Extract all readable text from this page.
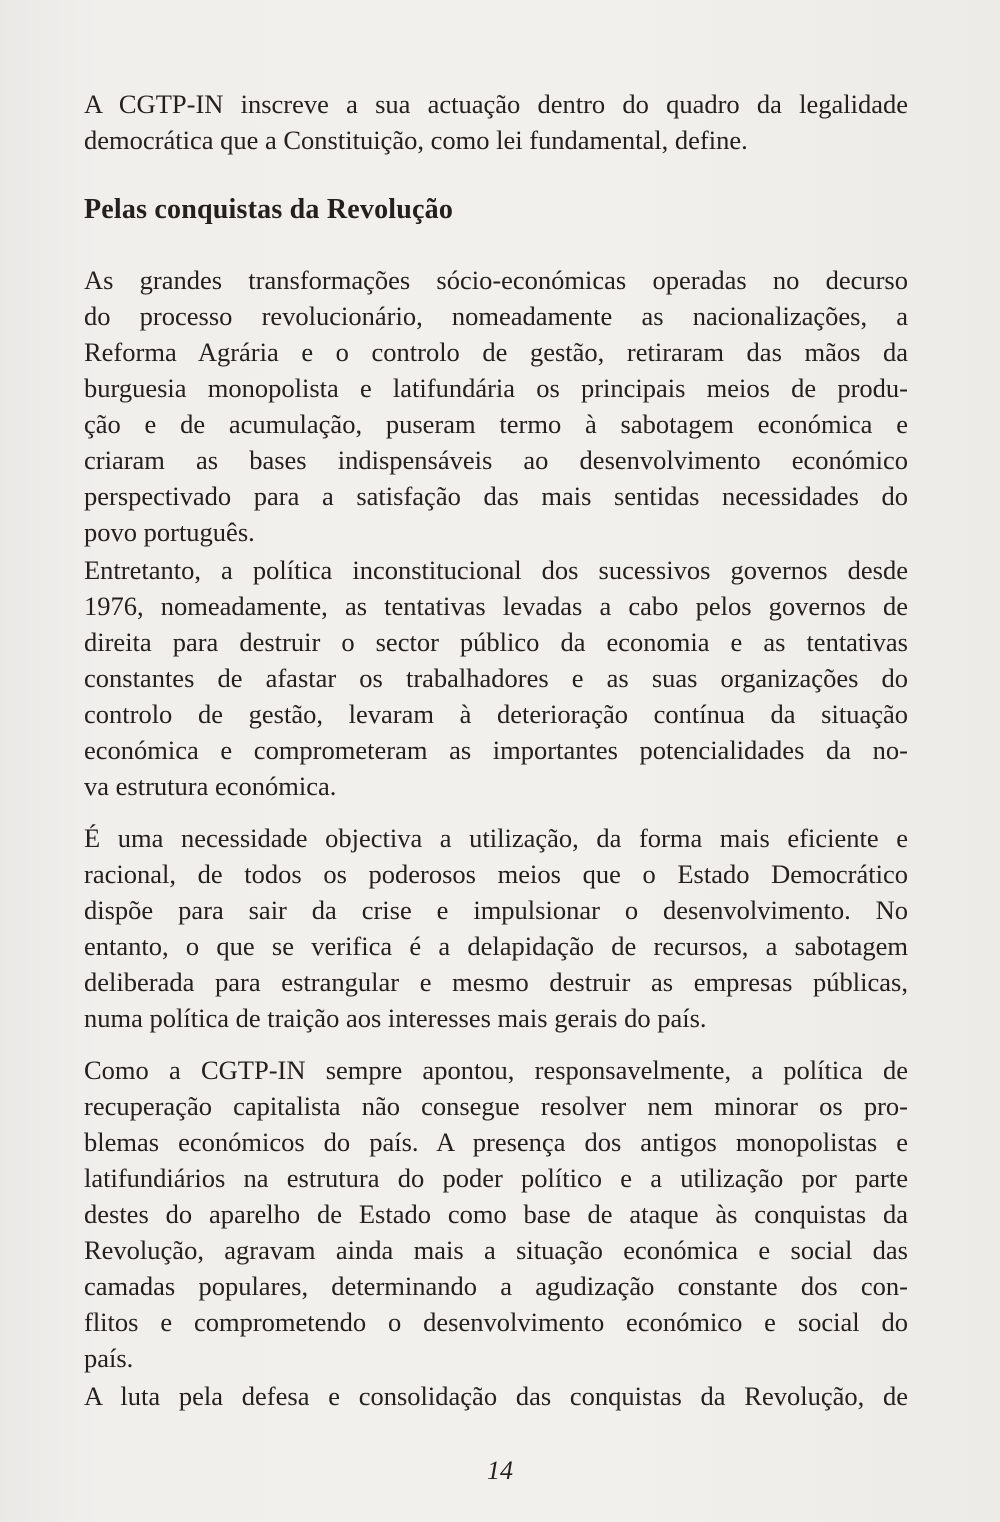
A CGTP-IN inscreve a sua actuação dentro do quadro da legalidade
democrática que a Constituição, como lei fundamental, define.
Pelas conquistas da Revolução
As grandes transformações sócio-económicas operadas no decurso
do processo revolucionário, nomeadamente as nacionalizações, a
Reforma Agrária e o controlo de gestão, retiraram das mãos da
burguesia monopolista e latifundária os principais meios de produ-
ção e de acumulação, puseram termo à sabotagem económica e
criaram as bases indispensáveis ao desenvolvimento económico
perspectivado para a satisfação das mais sentidas necessidades do
povo português.
Entretanto, a política inconstitucional dos sucessivos governos desde
1976, nomeadamente, as tentativas levadas a cabo pelos governos de
direita para destruir o sector público da economia e as tentativas
constantes de afastar os trabalhadores e as suas organizações do
controlo de gestão, levaram à deterioração contínua da situação
económica e comprometeram as importantes potencialidades da no-
va estrutura económica.
É uma necessidade objectiva a utilização, da forma mais eficiente e
racional, de todos os poderosos meios que o Estado Democrático
dispõe para sair da crise e impulsionar o desenvolvimento. No
entanto, o que se verifica é a delapidação de recursos, a sabotagem
deliberada para estrangular e mesmo destruir as empresas públicas,
numa política de traição aos interesses mais gerais do país.
Como a CGTP-IN sempre apontou, responsavelmente, a política de
recuperação capitalista não consegue resolver nem minorar os pro-
blemas económicos do país. A presença dos antigos monopolistas e
latifundiários na estrutura do poder político e a utilização por parte
destes do aparelho de Estado como base de ataque às conquistas da
Revolução, agravam ainda mais a situação económica e social das
camadas populares, determinando a agudização constante dos con-
flitos e comprometendo o desenvolvimento económico e social do
país.
A luta pela defesa e consolidação das conquistas da Revolução, de
14
